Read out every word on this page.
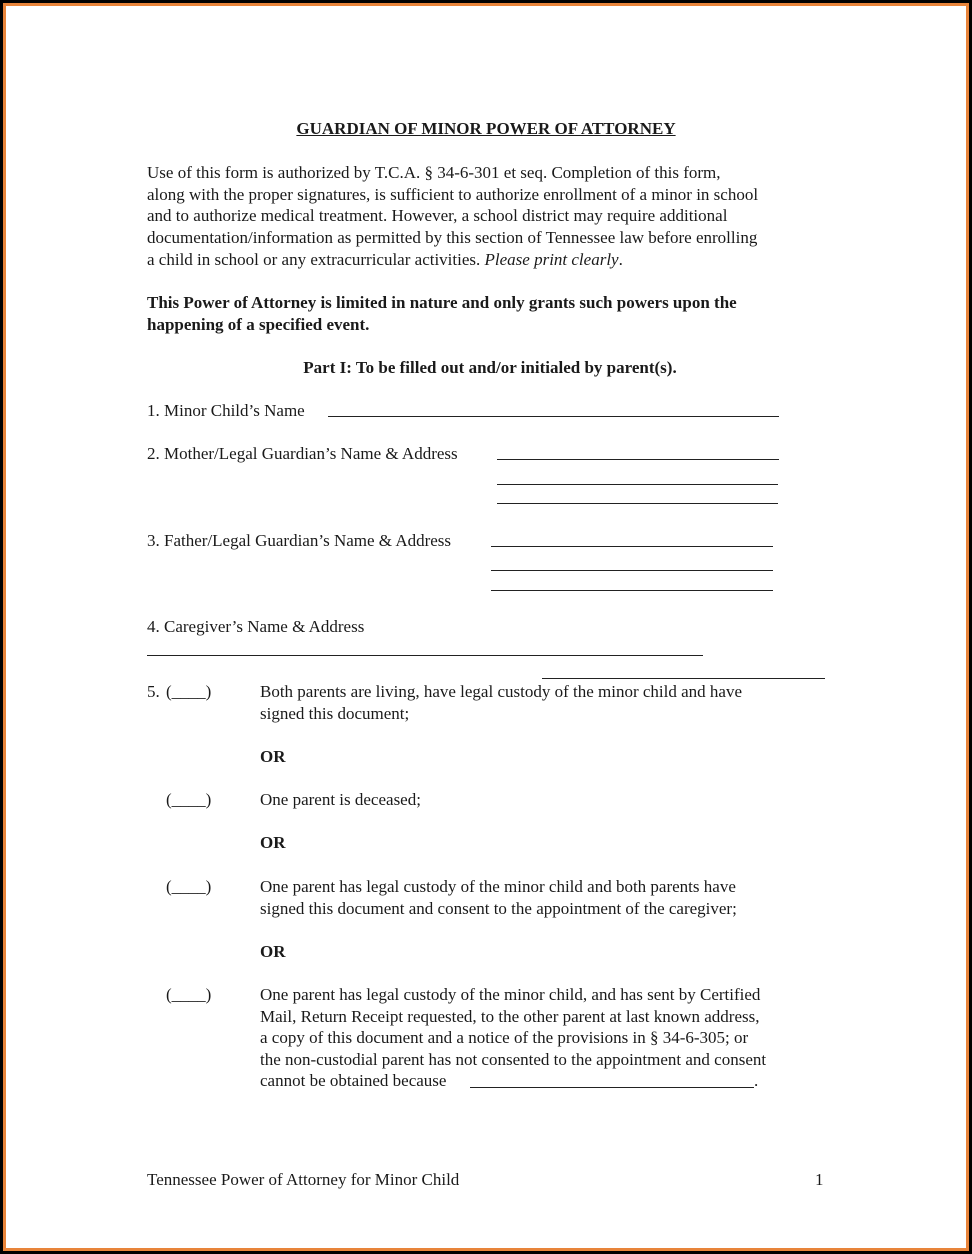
GUARDIAN OF MINOR POWER OF ATTORNEY
Use of this form is authorized by T.C.A. § 34-6-301 et seq. Completion of this form,
along with the proper signatures, is sufficient to authorize enrollment of a minor in school
and to authorize medical treatment. However, a school district may require additional
documentation/information as permitted by this section of Tennessee law before enrolling
a child in school or any extracurricular activities. Please print clearly.
This Power of Attorney is limited in nature and only grants such powers upon the
happening of a specified event.
Part I: To be filled out and/or initialed by parent(s).
1. Minor Child’s Name
2. Mother/Legal Guardian’s Name & Address
3. Father/Legal Guardian’s Name & Address
4. Caregiver’s Name & Address
5. (____)	Both parents are living, have legal custody of the minor child and have
signed this document;
OR
(____)	One parent is deceased;
OR
(____)	One parent has legal custody of the minor child and both parents have
signed this document and consent to the appointment of the caregiver;
OR
(____)	One parent has legal custody of the minor child, and has sent by Certified
Mail, Return Receipt requested, to the other parent at last known address,
a copy of this document and a notice of the provisions in § 34-6-305; or
the non-custodial parent has not consented to the appointment and consent
cannot be obtained because	.
Tennessee Power of Attorney for Minor Child	1
